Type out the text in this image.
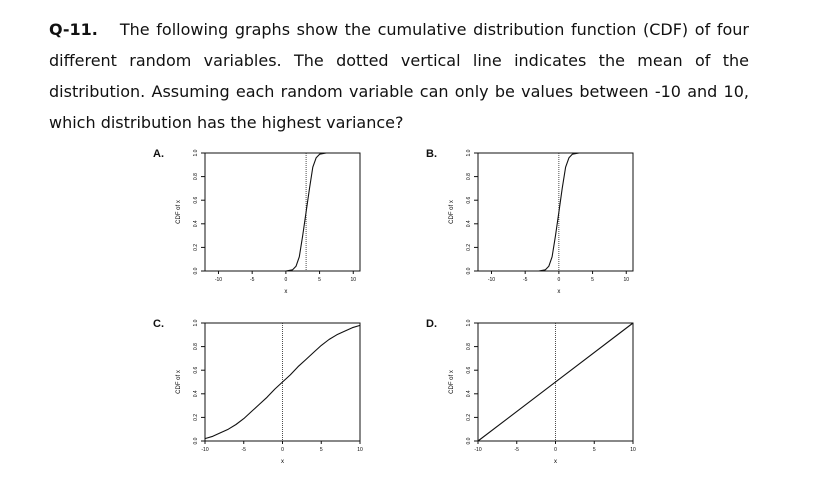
Q-11. The following graphs show the cumulative distribution function (CDF) of four different random variables. The dotted vertical line indicates the mean of the distribution. Assuming each random variable can only be values between -10 and 10, which distribution has the highest variance?
A.
0.0
0.2
0.4
0.6
0.8
1.0
CDF of x
-10	-5	0	5	10
x
B.
0.0
0.2
0.4
0.6
0.8
1.0
CDF of x
-10	-5	0	5	10
x
C.
0.0
0.2
0.4
0.6
0.8
1.0
CDF of x
-10	-5	0	5	10
x
D.
0.0
0.2
0.4
0.6
0.8
1.0
CDF of x
-10	-5	0	5	10
x
